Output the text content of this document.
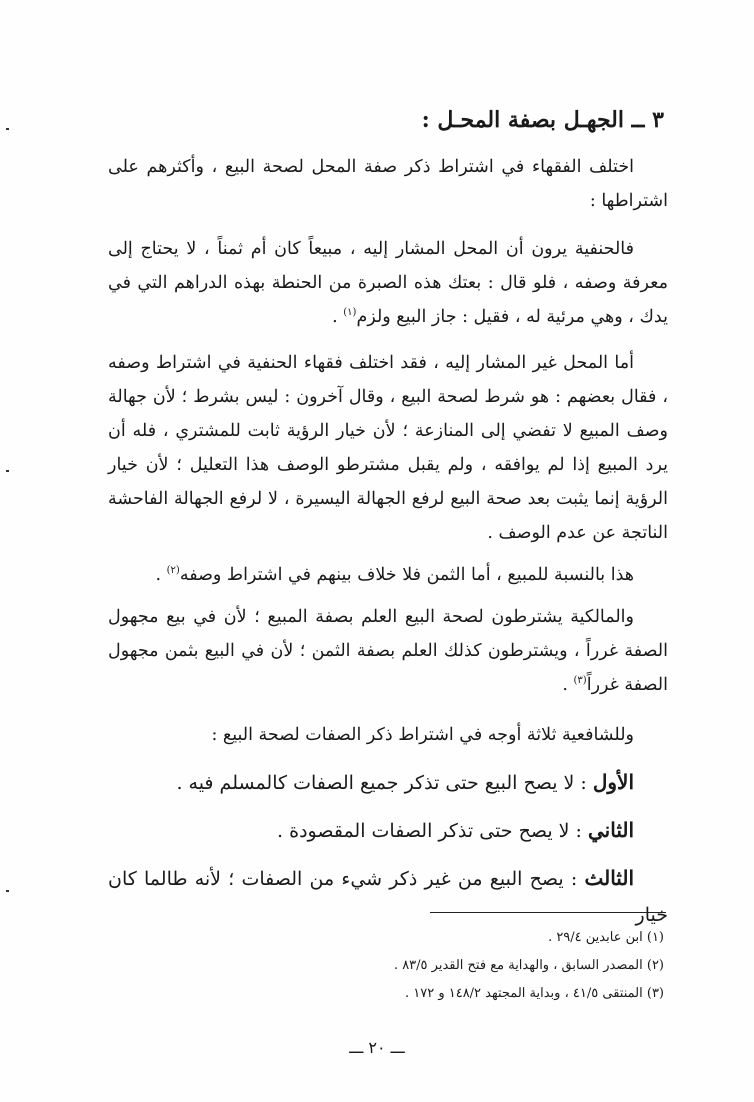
٣ ــ الجهـل بصفة المحـل :

اختلف الفقهاء في اشتراط ذكر صفة المحل لصحة البيع ، وأكثرهم على اشتراطها :

فالحنفية يرون أن المحل المشار إليه ، مبيعاً كان أم ثمناً ، لا يحتاج إلى معرفة وصفه ، فلو قال : بعتك هذه الصبرة من الحنطة بهذه الدراهم التي في يدك ، وهي مرئية له ، فقيل : جاز البيع ولزم$^{(١)}$ .

أما المحل غير المشار إليه ، فقد اختلف فقهاء الحنفية في اشتراط وصفه ، فقال بعضهم : هو شرط لصحة البيع ، وقال آخرون : ليس بشرط ؛ لأن جهالة وصف المبيع لا تفضي إلى المنازعة ؛ لأن خيار الرؤية ثابت للمشتري ، فله أن يرد المبيع إذا لم يوافقه ، ولم يقبل مشترطو الوصف هذا التعليل ؛ لأن خيار الرؤية إنما يثبت بعد صحة البيع لرفع الجهالة اليسيرة ، لا لرفع الجهالة الفاحشة الناتجة عن عدم الوصف .

هذا بالنسبة للمبيع ، أما الثمن فلا خلاف بينهم في اشتراط وصفه$^{(٢)}$ .

والمالكية يشترطون لصحة البيع العلم بصفة المبيع ؛ لأن في بيع مجهول الصفة غرراً ، ويشترطون كذلك العلم بصفة الثمن ؛ لأن في البيع بثمن مجهول الصفة غرراً$^{(٣)}$ .

وللشافعية ثلاثة أوجه في اشتراط ذكر الصفات لصحة البيع :

الأول : لا يصح البيع حتى تذكر جميع الصفات كالمسلم فيه .

الثاني : لا يصح حتى تذكر الصفات المقصودة .

الثالث : يصح البيع من غير ذكر شيء من الصفات ؛ لأنه طالما كان خيار

(١) ابن عابدين ٢٩/٤ .
(٢) المصدر السابق ، والهداية مع فتح القدير ٨٣/٥ .
(٣) المنتقى ٤١/٥ ، وبداية المجتهد ١٤٨/٢ و ١٧٢ .
ـــ ٢٠ ـــ
